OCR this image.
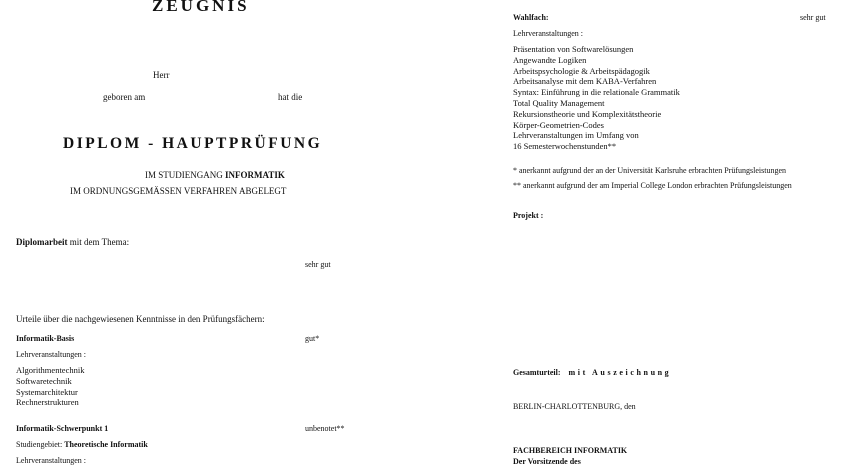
ZEUGNIS
Herr
geboren am	hat die
DIPLOM - HAUPTPRÜFUNG
IM STUDIENGANG INFORMATIK
IM ORDNUNGSGEMÄSSEN VERFAHREN ABGELEGT
Diplomarbeit mit dem Thema:
sehr gut
Urteile über die nachgewiesenen Kenntnisse in den Prüfungsfächern:
Informatik-Basis	gut*
Lehrveranstaltungen :
Algorithmentechnik
Softwaretechnik
Systemarchitektur
Rechnerstrukturen
Informatik-Schwerpunkt 1	unbenotet**
Studiengebiet: Theoretische Informatik
Lehrveranstaltungen :
Wahlfach:	sehr gut
Lehrveranstaltungen :
Präsentation von Softwarelösungen
Angewandte Logiken
Arbeitspsychologie & Arbeitspädagogik
Arbeitsanalyse mit dem KABA-Verfahren
Syntax: Einführung in die relationale Grammatik
Total Quality Management
Rekursionstheorie und Komplexitätstheorie
Körper-Geometrien-Codes
Lehrveranstaltungen im Umfang von
16 Semesterwochenstunden**
* anerkannt aufgrund der an der Universität Karlsruhe erbrachten Prüfungsleistungen
** anerkannt aufgrund der am Imperial College London erbrachten Prüfungsleistungen
Projekt :
Gesamturteil: mit Auszeichnung
BERLIN-CHARLOTTENBURG, den
FACHBEREICH INFORMATIK
Der Vorsitzende des
